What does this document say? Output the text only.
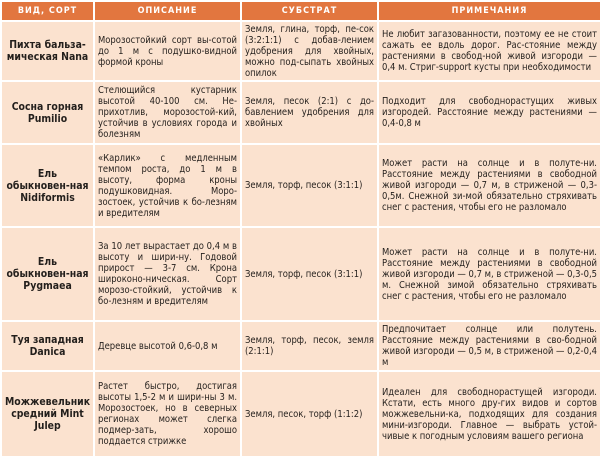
ВИД, СОРТ	ОПИСАНИЕ	СУБСТРАТ	ПРИМЕЧАНИЯ
Пихта бальза-мическая Nana	Морозостойкий сорт вы-сотой до 1 м с подушко-видной формой кроны	Земля, глина, торф, пе-сок (3:2:1:1) с добав-лением удобрения для хвойных, можно под-сыпать хвойных опилок	Не любит загазованности, поэтому ее не стоит сажать ее вдоль дорог. Рас-стояние между растениями в свобод-ной живой изгороди — 0,4 м. Стриг-support кусты при необходимости
Сосна горная Pumilio	Стелющийся кустарник высотой 40-100 см. Не-прихотлив, морозостой-кий, устойчив в условиях города и болезням	Земля, песок (2:1) с до-бавлением удобрения для хвойных	Подходит для свободнорастущих живых изгородей. Расстояние между растениями — 0,4-0,8 м
Ель обыкновен-ная Nidiformis	«Карлик» с медленным темпом роста, до 1 м в высоту, форма кроны подушковидная. Моро-зостоек, устойчив к бо-лезням и вредителям	Земля, торф, песок (3:1:1)	Может расти на солнце и в полуте-ни. Расстояние между растениями в свободной живой изгороди — 0,7 м, в стриженой — 0,3-0,5м. Снежной зи-мой обязательно стряхивать снег с растения, чтобы его не разломало
Ель обыкновен-ная Pygmaea	За 10 лет вырастает до 0,4 м в высоту и шири-ну. Годовой прирост — 3-7 см. Крона широконо-ническая. Сорт морозо-стойкий, устойчив к бо-лезням и вредителям	Земля, торф, песок (3:1:1)	Может расти на солнце и в полуте-ни. Расстояние между растениями в свободной живой изгороди — 0,7 м, в стриженой — 0,3-0,5 м. Снежной зимой обязательно стряхивать снег с растения, чтобы его не разломало
Туя западная Danica	Деревце высотой 0,6-0,8 м	Земля, торф, песок, земля (2:1:1)	Предпочитает солнце или полутень. Расстояние между растениями в сво-бодной живой изгороди — 0,5 м, в стриженой — 0,2-0,4 м
Можжевельник средний Mint Julep	Растет быстро, достигая высоты 1,5-2 м и шири-ны 3 м. Морозостоек, но в северных регионах может слегка подмер-зать, хорошо поддается стрижке	Земля, песок, торф (1:1:2)	Идеален для свободнорастущей изгороди. Кстати, есть много дру-гих видов и сортов можжевельни-ка, подходящих для создания мини-изгороди. Главное — выбрать устой-чивые к погодным условиям вашего региона
